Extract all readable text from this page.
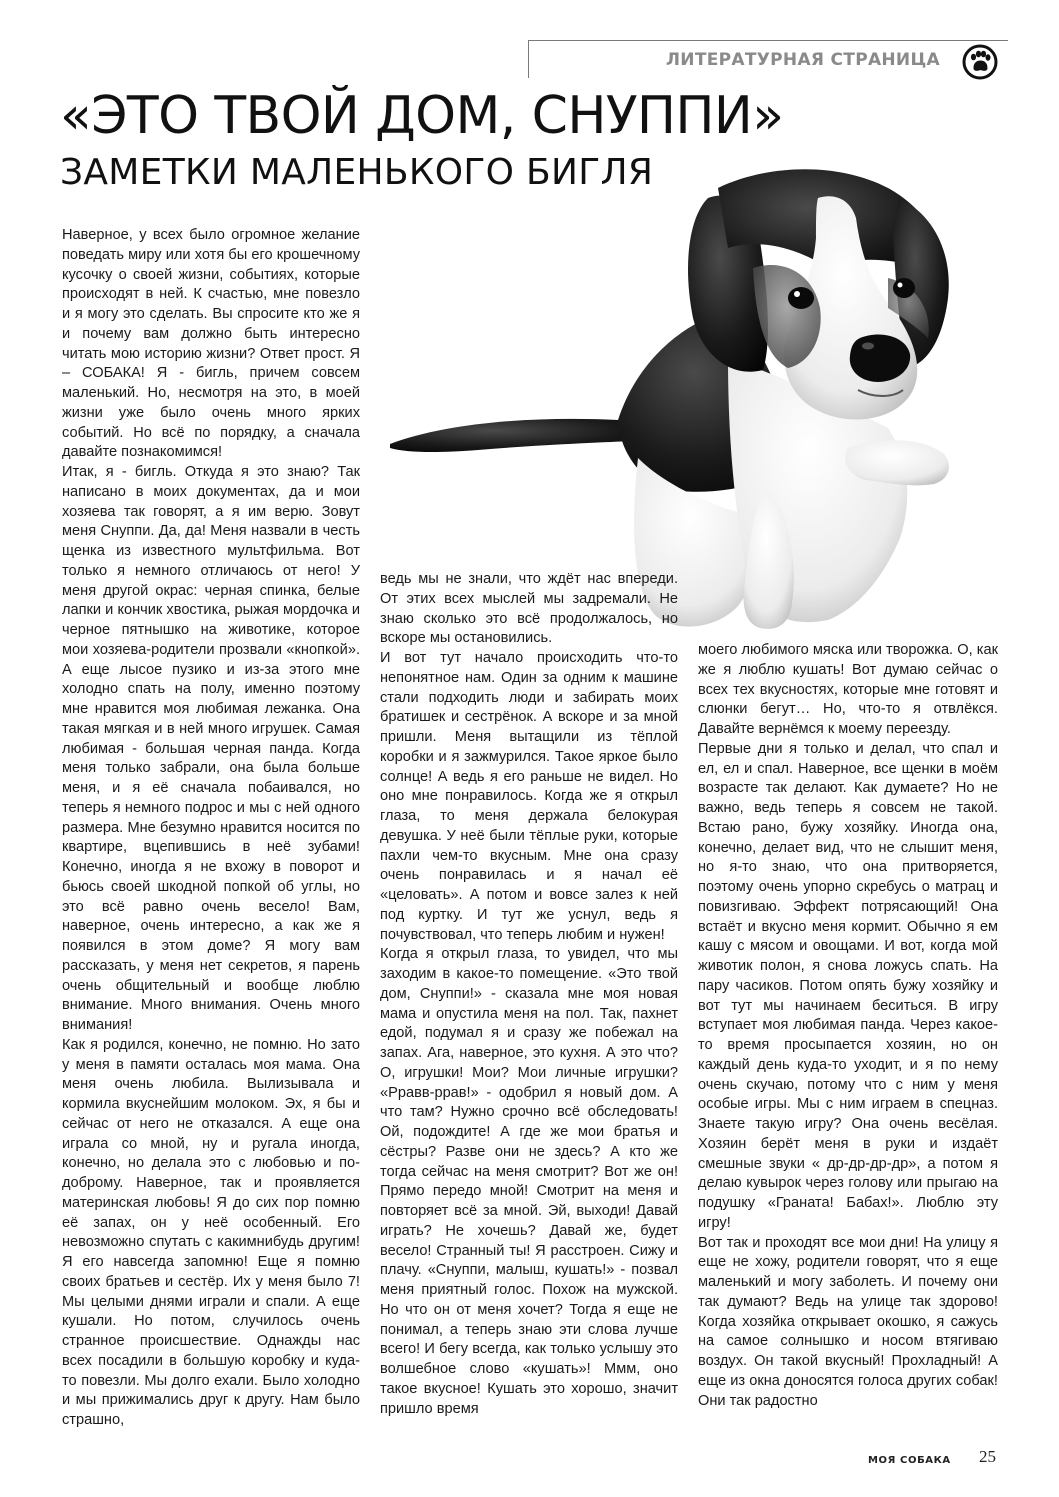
ЛИТЕРАТУРНАЯ СТРАНИЦА
«ЭТО ТВОЙ ДОМ, СНУППИ»
ЗАМЕТКИ МАЛЕНЬКОГО БИГЛЯ

Наверное, у всех было огромное желание поведать миру или хотя бы его крошечному кусочку о своей жизни, событиях, которые происходят в ней. К счастью, мне повезло и я могу это сделать. Вы спросите кто же я и почему вам должно быть интересно читать мою историю жизни? Ответ прост. Я – СОБАКА! Я - бигль, причем совсем маленький. Но, несмотря на это, в моей жизни уже было очень много ярких событий. Но всё по порядку, а сначала давайте познакомимся!

Итак, я - бигль. Откуда я это знаю? Так написано в моих документах, да и мои хозяева так говорят, а я им верю. Зовут меня Снуппи. Да, да! Меня назвали в честь щенка из известного мультфильма. Вот только я немного отличаюсь от него! У меня другой окрас: черная спинка, белые лапки и кончик хвостика, рыжая мордочка и черное пятнышко на животике, которое мои хозяева-родители прозвали «кнопкой». А еще лысое пузико и из-за этого мне холодно спать на полу, именно поэтому мне нравится моя любимая лежанка. Она такая мягкая и в ней много игрушек. Самая любимая - большая черная панда. Когда меня только забрали, она была больше меня, и я её сначала побаивался, но теперь я немного подрос и мы с ней одного размера. Мне безумно нравится носится по квартире, вцепившись в неё зубами! Конечно, иногда я не вхожу в поворот и бьюсь своей шкодной попкой об углы, но это всё равно очень весело! Вам, наверное, очень интересно, а как же я появился в этом доме? Я могу вам рассказать, у меня нет секретов, я парень очень общительный и вообще люблю внимание. Много внимания. Очень много внимания!

Как я родился, конечно, не помню. Но зато у меня в памяти осталась моя мама. Она меня очень любила. Вылизывала и кормила вкуснейшим молоком. Эх, я бы и сейчас от него не отказался. А еще она играла со мной, ну и ругала иногда, конечно, но делала это с любовью и по-доброму. Наверное, так и проявляется материнская любовь! Я до сих пор помню её запах, он у неё особенный. Его невозможно спутать с какимнибудь другим! Я его навсегда запомню! Еще я помню своих братьев и сестёр. Их у меня было 7! Мы целыми днями играли и спали. А еще кушали. Но потом, случилось очень странное происшествие. Однажды нас всех посадили в большую коробку и куда-то повезли. Мы долго ехали. Было холодно и мы прижимались друг к другу. Нам было страшно,

ведь мы не знали, что ждёт нас впереди. От этих всех мыслей мы задремали. Не знаю сколько это всё продолжалось, но вскоре мы остановились.

И вот тут начало происходить что-то непонятное нам. Один за одним к машине стали подходить люди и забирать моих братишек и сестрёнок. А вскоре и за мной пришли. Меня вытащили из тёплой коробки и я зажмурился. Такое яркое было солнце! А ведь я его раньше не видел. Но оно мне понравилось. Когда же я открыл глаза, то меня держала белокурая девушка. У неё были тёплые руки, которые пахли чем-то вкусным. Мне она сразу очень понравилась и я начал её «целовать». А потом и вовсе залез к ней под куртку. И тут же уснул, ведь я почувствовал, что теперь любим и нужен!

Когда я открыл глаза, то увидел, что мы заходим в какое-то помещение. «Это твой дом, Снуппи!» - сказала мне моя новая мама и опустила меня на пол. Так, пахнет едой, подумал я и сразу же побежал на запах. Ага, наверное, это кухня. А это что? О, игрушки! Мои? Мои личные игрушки? «Рравв-ррав!» - одобрил я новый дом. А что там? Нужно срочно всё обследовать! Ой, подождите! А где же мои братья и сёстры? Разве они не здесь? А кто же тогда сейчас на меня смотрит? Вот же он! Прямо передо мной! Смотрит на меня и повторяет всё за мной. Эй, выходи! Давай играть? Не хочешь? Давай же, будет весело! Странный ты! Я расстроен. Сижу и плачу. «Снуппи, малыш, кушать!» - позвал меня приятный голос. Похож на мужской. Но что он от меня хочет? Тогда я еще не понимал, а теперь знаю эти слова лучше всего! И бегу всегда, как только услышу это волшебное слово «кушать»! Ммм, оно такое вкусное! Кушать это хорошо, значит пришло время

моего любимого мяска или творожка. О, как же я люблю кушать! Вот думаю сейчас о всех тех вкусностях, которые мне готовят и слюнки бегут… Но, что-то я отвлёкся. Давайте вернёмся к моему переезду.

Первые дни я только и делал, что спал и ел, ел и спал. Наверное, все щенки в моём возрасте так делают. Как думаете? Но не важно, ведь теперь я совсем не такой. Встаю рано, бужу хозяйку. Иногда она, конечно, делает вид, что не слышит меня, но я-то знаю, что она притворяется, поэтому очень упорно скребусь о матрац и повизгиваю. Эффект потрясающий! Она встаёт и вкусно меня кормит. Обычно я ем кашу с мясом и овощами. И вот, когда мой животик полон, я снова ложусь спать. На пару часиков. Потом опять бужу хозяйку и вот тут мы начинаем беситься. В игру вступает моя любимая панда. Через какое-то время просыпается хозяин, но он каждый день куда-то уходит, и я по нему очень скучаю, потому что с ним у меня особые игры. Мы с ним играем в спецназ. Знаете такую игру? Она очень весёлая. Хозяин берёт меня в руки и издаёт смешные звуки « др-др-др-др», а потом я делаю кувырок через голову или прыгаю на подушку «Граната! Бабах!». Люблю эту игру!

Вот так и проходят все мои дни! На улицу я еще не хожу, родители говорят, что я еще маленький и могу заболеть. И почему они так думают? Ведь на улице так здорово! Когда хозяйка открывает окошко, я сажусь на самое солнышко и носом втягиваю воздух. Он такой вкусный! Прохладный! А еще из окна доносятся голоса других собак! Они так радостно

МОЯ СОБАКА 25
